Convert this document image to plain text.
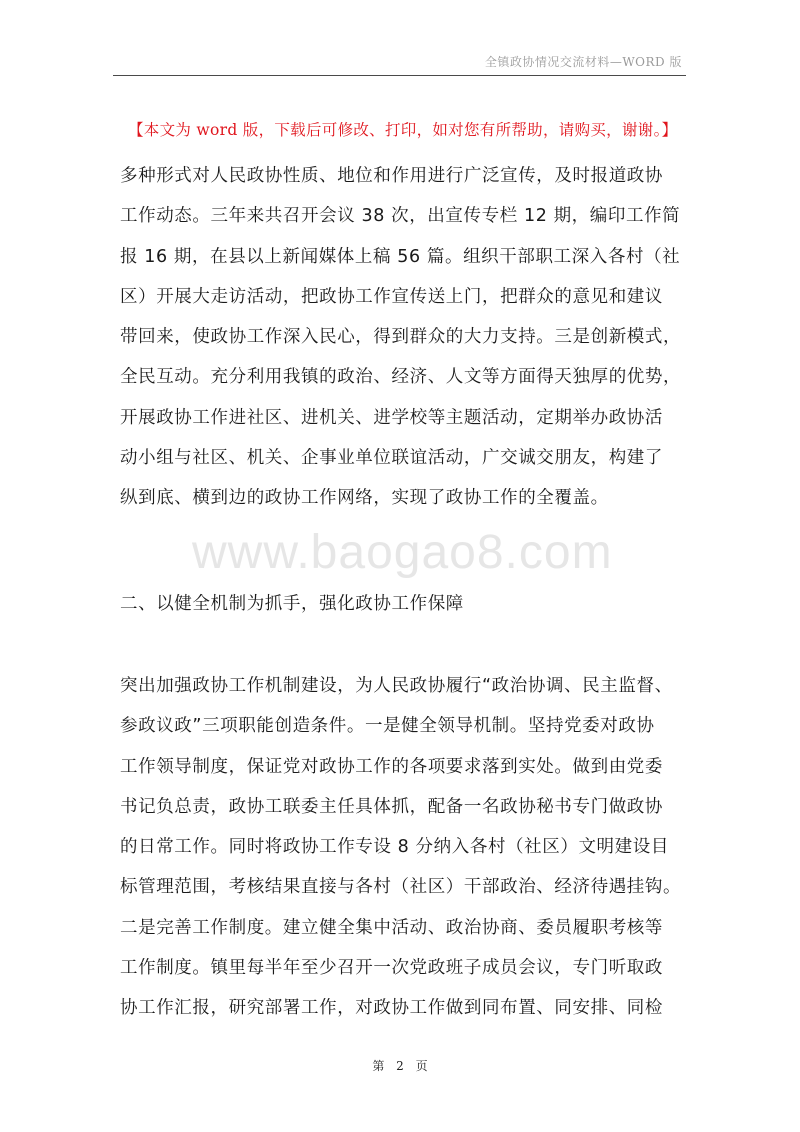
全镇政协情况交流材料—WORD 版
【本文为 word 版，下载后可修改、打印，如对您有所帮助，请购买，谢谢。】
多种形式对人民政协性质、地位和作用进行广泛宣传，及时报道政协
工作动态。三年来共召开会议 38 次，出宣传专栏 12 期，编印工作简
报 16 期，在县以上新闻媒体上稿 56 篇。组织干部职工深入各村（社
区）开展大走访活动，把政协工作宣传送上门，把群众的意见和建议
带回来，使政协工作深入民心，得到群众的大力支持。三是创新模式，
全民互动。充分利用我镇的政治、经济、人文等方面得天独厚的优势，
开展政协工作进社区、进机关、进学校等主题活动，定期举办政协活
动小组与社区、机关、企事业单位联谊活动，广交诚交朋友，构建了
纵到底、横到边的政协工作网络，实现了政协工作的全覆盖。
www.baogao8.com
二、以健全机制为抓手，强化政协工作保障
突出加强政协工作机制建设，为人民政协履行“政治协调、民主监督、
参政议政”三项职能创造条件。一是健全领导机制。坚持党委对政协
工作领导制度，保证党对政协工作的各项要求落到实处。做到由党委
书记负总责，政协工联委主任具体抓，配备一名政协秘书专门做政协
的日常工作。同时将政协工作专设 8 分纳入各村（社区）文明建设目
标管理范围，考核结果直接与各村（社区）干部政治、经济待遇挂钩。
二是完善工作制度。建立健全集中活动、政治协商、委员履职考核等
工作制度。镇里每半年至少召开一次党政班子成员会议，专门听取政
协工作汇报，研究部署工作，对政协工作做到同布置、同安排、同检
第 2 页
